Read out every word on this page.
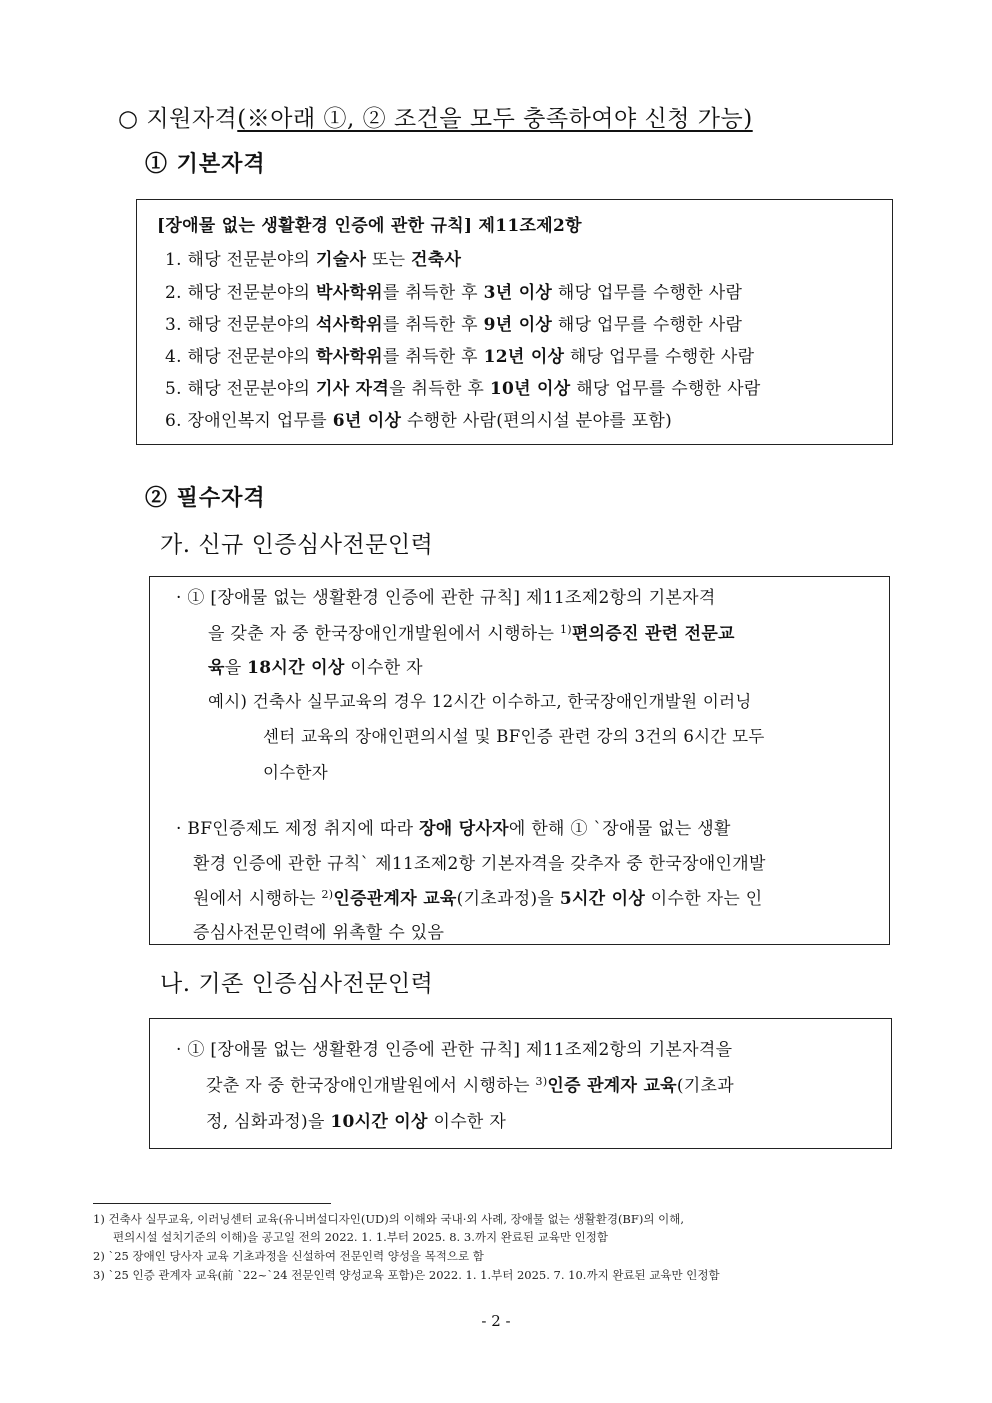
○ 지원자격(※아래 ①, ② 조건을 모두 충족하여야 신청 가능)
① 기본자격
[장애물 없는 생활환경 인증에 관한 규칙] 제11조제2항
1. 해당 전문분야의 기술사 또는 건축사
2. 해당 전문분야의 박사학위를 취득한 후 3년 이상 해당 업무를 수행한 사람
3. 해당 전문분야의 석사학위를 취득한 후 9년 이상 해당 업무를 수행한 사람
4. 해당 전문분야의 학사학위를 취득한 후 12년 이상 해당 업무를 수행한 사람
5. 해당 전문분야의 기사 자격을 취득한 후 10년 이상 해당 업무를 수행한 사람
6. 장애인복지 업무를 6년 이상 수행한 사람(편의시설 분야를 포함)
② 필수자격
가. 신규 인증심사전문인력
· ① [장애물 없는 생활환경 인증에 관한 규칙] 제11조제2항의 기본자격
을 갖춘 자 중 한국장애인개발원에서 시행하는 $^{1)}$편의증진 관련 전문교
육을 18시간 이상 이수한 자
예시) 건축사 실무교육의 경우 12시간 이수하고, 한국장애인개발원 이러닝
센터 교육의 장애인편의시설 및 BF인증 관련 강의 3건의 6시간 모두
이수한자
· BF인증제도 제정 취지에 따라 장애 당사자에 한해 ① `장애물 없는 생활
환경 인증에 관한 규칙` 제11조제2항 기본자격을 갖추자 중 한국장애인개발
원에서 시행하는 $^{2)}$인증관계자 교육(기초과정)을 5시간 이상 이수한 자는 인
증심사전문인력에 위촉할 수 있음
나. 기존 인증심사전문인력
· ① [장애물 없는 생활환경 인증에 관한 규칙] 제11조제2항의 기본자격을
갖춘 자 중 한국장애인개발원에서 시행하는 $^{3)}$인증 관계자 교육(기초과
정, 심화과정)을 10시간 이상 이수한 자
1) 건축사 실무교육, 이러닝센터 교육(유니버설디자인(UD)의 이해와 국내·외 사례, 장애물 없는 생활환경(BF)의 이해,
편의시설 설치기준의 이해)을 공고일 전의 2022. 1. 1.부터 2025. 8. 3.까지 완료된 교육만 인정함
2) `25 장애인 당사자 교육 기초과정을 신설하여 전문인력 양성을 목적으로 함
3) `25 인증 관계자 교육(前 `22~`24 전문인력 양성교육 포함)은 2022. 1. 1.부터 2025. 7. 10.까지 완료된 교육만 인정함
- 2 -
